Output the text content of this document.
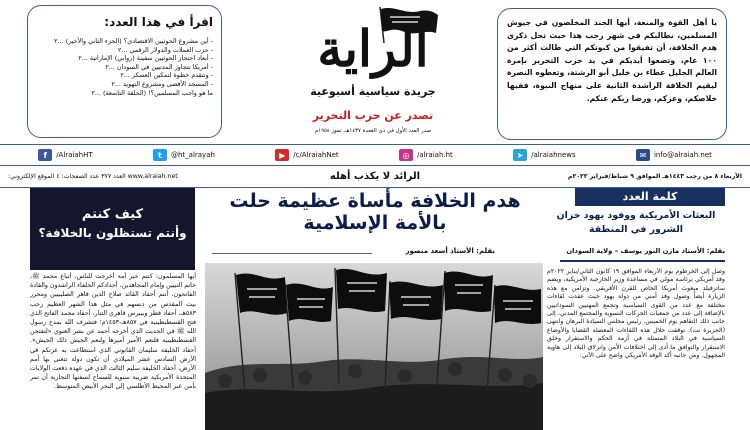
اقرأ في هذا العدد:
- أين مشروع الحوثيين الاقتصادي؟ (الجزء الثاني والأخير) ...٢
- حزب العملات والدولار الرقمي ...٢
- أبعاد احتجاز الحوثيين سفينة (روابي) الإماراتية ...٢
- أمريكا تتجاوز المدنيين في السودان ...٢
- وتتقدم خطوة لتمكين العسكر ...٢
- المسجد الأقصى ومشروع التهويد ...٢
ما هو واجب المسلمين؟! (الحلقة التاسعة) ...٢
الراية
جريدة سياسية أسبوعية
تصدر عن حزب التحرير
صدر العدد الأول في ذي القعدة ١٤٣٧هـ، تموز ١٩٥٤م

يا أهل القوة والمنعة، أيها الجند المخلصون في جيوش المسلمين، نطالبكم في شهر رجب هذا حيث تحل ذكرى هدم الخلافة، أن تفيقوا من كبوتكم التي طالت أكثر من ١٠٠ عام، وتضعوا أيديكم في يد حزب التحرير بإمرة العالم الجليل عطاء بن خليل أبو الرشتة، وتعطوه النصرة ليقيم الخلافة الراشدة الثانية على منهاج النبوة، ففيها خلاصكم، وعزكم، ورضا ربكم عنكم.

/AlraiahHT
f	@ht_alrayah
t	/c/AlraiahNet
▶	/alraiah.ht
◎	/alraiahnews
➤	info@alraiah.net
✉
الأربعاء ٨ من رجب ١٤٤٣هـ الموافق ٩ شباط/فبراير ٢٠٢٢م
الرائد لا يكذب أهله
www.alraiah.net العدد ٣٧٧ عدد الصفحات: ٤ الموقع الإلكتروني:
كيف كنتم
وأنتم تستظلون بالخلافة؟
أيها المسلمون: كنتم خير أمة أخرجت للناس، أتباع محمد ﷺ، خاتم النبيين وإمام المجاهدين، أجدادكم الخلفاء الراشدون والقادة الفاتحون، أنتم أحفاد القائد صلاح الدين قاهر الصليبيين ومحرر بيت المقدس من دنسهم في مثل هذا الشهر العظيم رجب ٥٨٣هـ، أحفاد قطز وبيبرس قاهري التتار، أحفاد محمد الفاتح الذي فتح القسطنطينية في ٨٥٧هـ-١٤٥٣م؛ فتشرف الله بمدح رسول الله ﷺ في الحديث الذي أخرجه أحمد عن بشر الغنوي «لتفتحن القسطنطينية فلنعم الأمير أميرها ولنعم الجيش ذلك الجيش». أحفاد الخليفة سليمان القانوني الذي استطاعت به عزتكم في الأرض السادس عشر الميلادي أن تكون دولة تتغنى بها أمم الأرض، أحفاد الخليفة سليم الثالث الذي في عهده دفعت الولايات المتحدة الأمريكية ضريبة سنوية للسماح لسفنها التجارية أن تمر بأمن عبر المحيط الأطلسي إلى البحر الأبيض المتوسط.
هدم الخلافة مأساة عظيمة حلت بالأمة الإسلامية
بقلم: الأستاذ أسعد منصور
كلمة العدد
البعثات الأمريكية ووفود يهود خزان الشرور في المنطقة
بقلم: الأستاذ مازن النور يوسف – ولاية السودان
وصل إلى الخرطوم يوم الأربعاء الموافق ١٩ كانون الثاني/يناير ٢٠٢٢م وفد أمريكي برئاسة مولي في مساعدة وزير الخارجية الأمريكية، ويضم ساترفيلد مبعوث أمريكا الخاص للقرن الأفريقي. وتزامن مع هذه الزيارة أيضاً وصول وفد أمني من دولة يهود حيث عقدت لقاءات مختلفة مع عدد من القوى السياسية وتجمع المهنيين السودانيين بالإضافة إلى عدد من جمعيات الحركات النسوية والمجتمع المدني، إلى جانب ذلك التقاهم يوم الخميس. رئيس مجلس السيادة البرهان وانتهى (الجزيرة نت). توقفت خلال هذه اللقاءات المعضلة القضايا والأوضاع السياسية في البلاد المتمثلة في أزمة الحكم والاستقرار وخلق الاستقرار والتوافق ما أدى إلى اختلافات الأمن وانزلاق البلاد إلى هاوية المجهول. ومن جانبه أكد الوفد الأمريكي واضح على الآتي:
